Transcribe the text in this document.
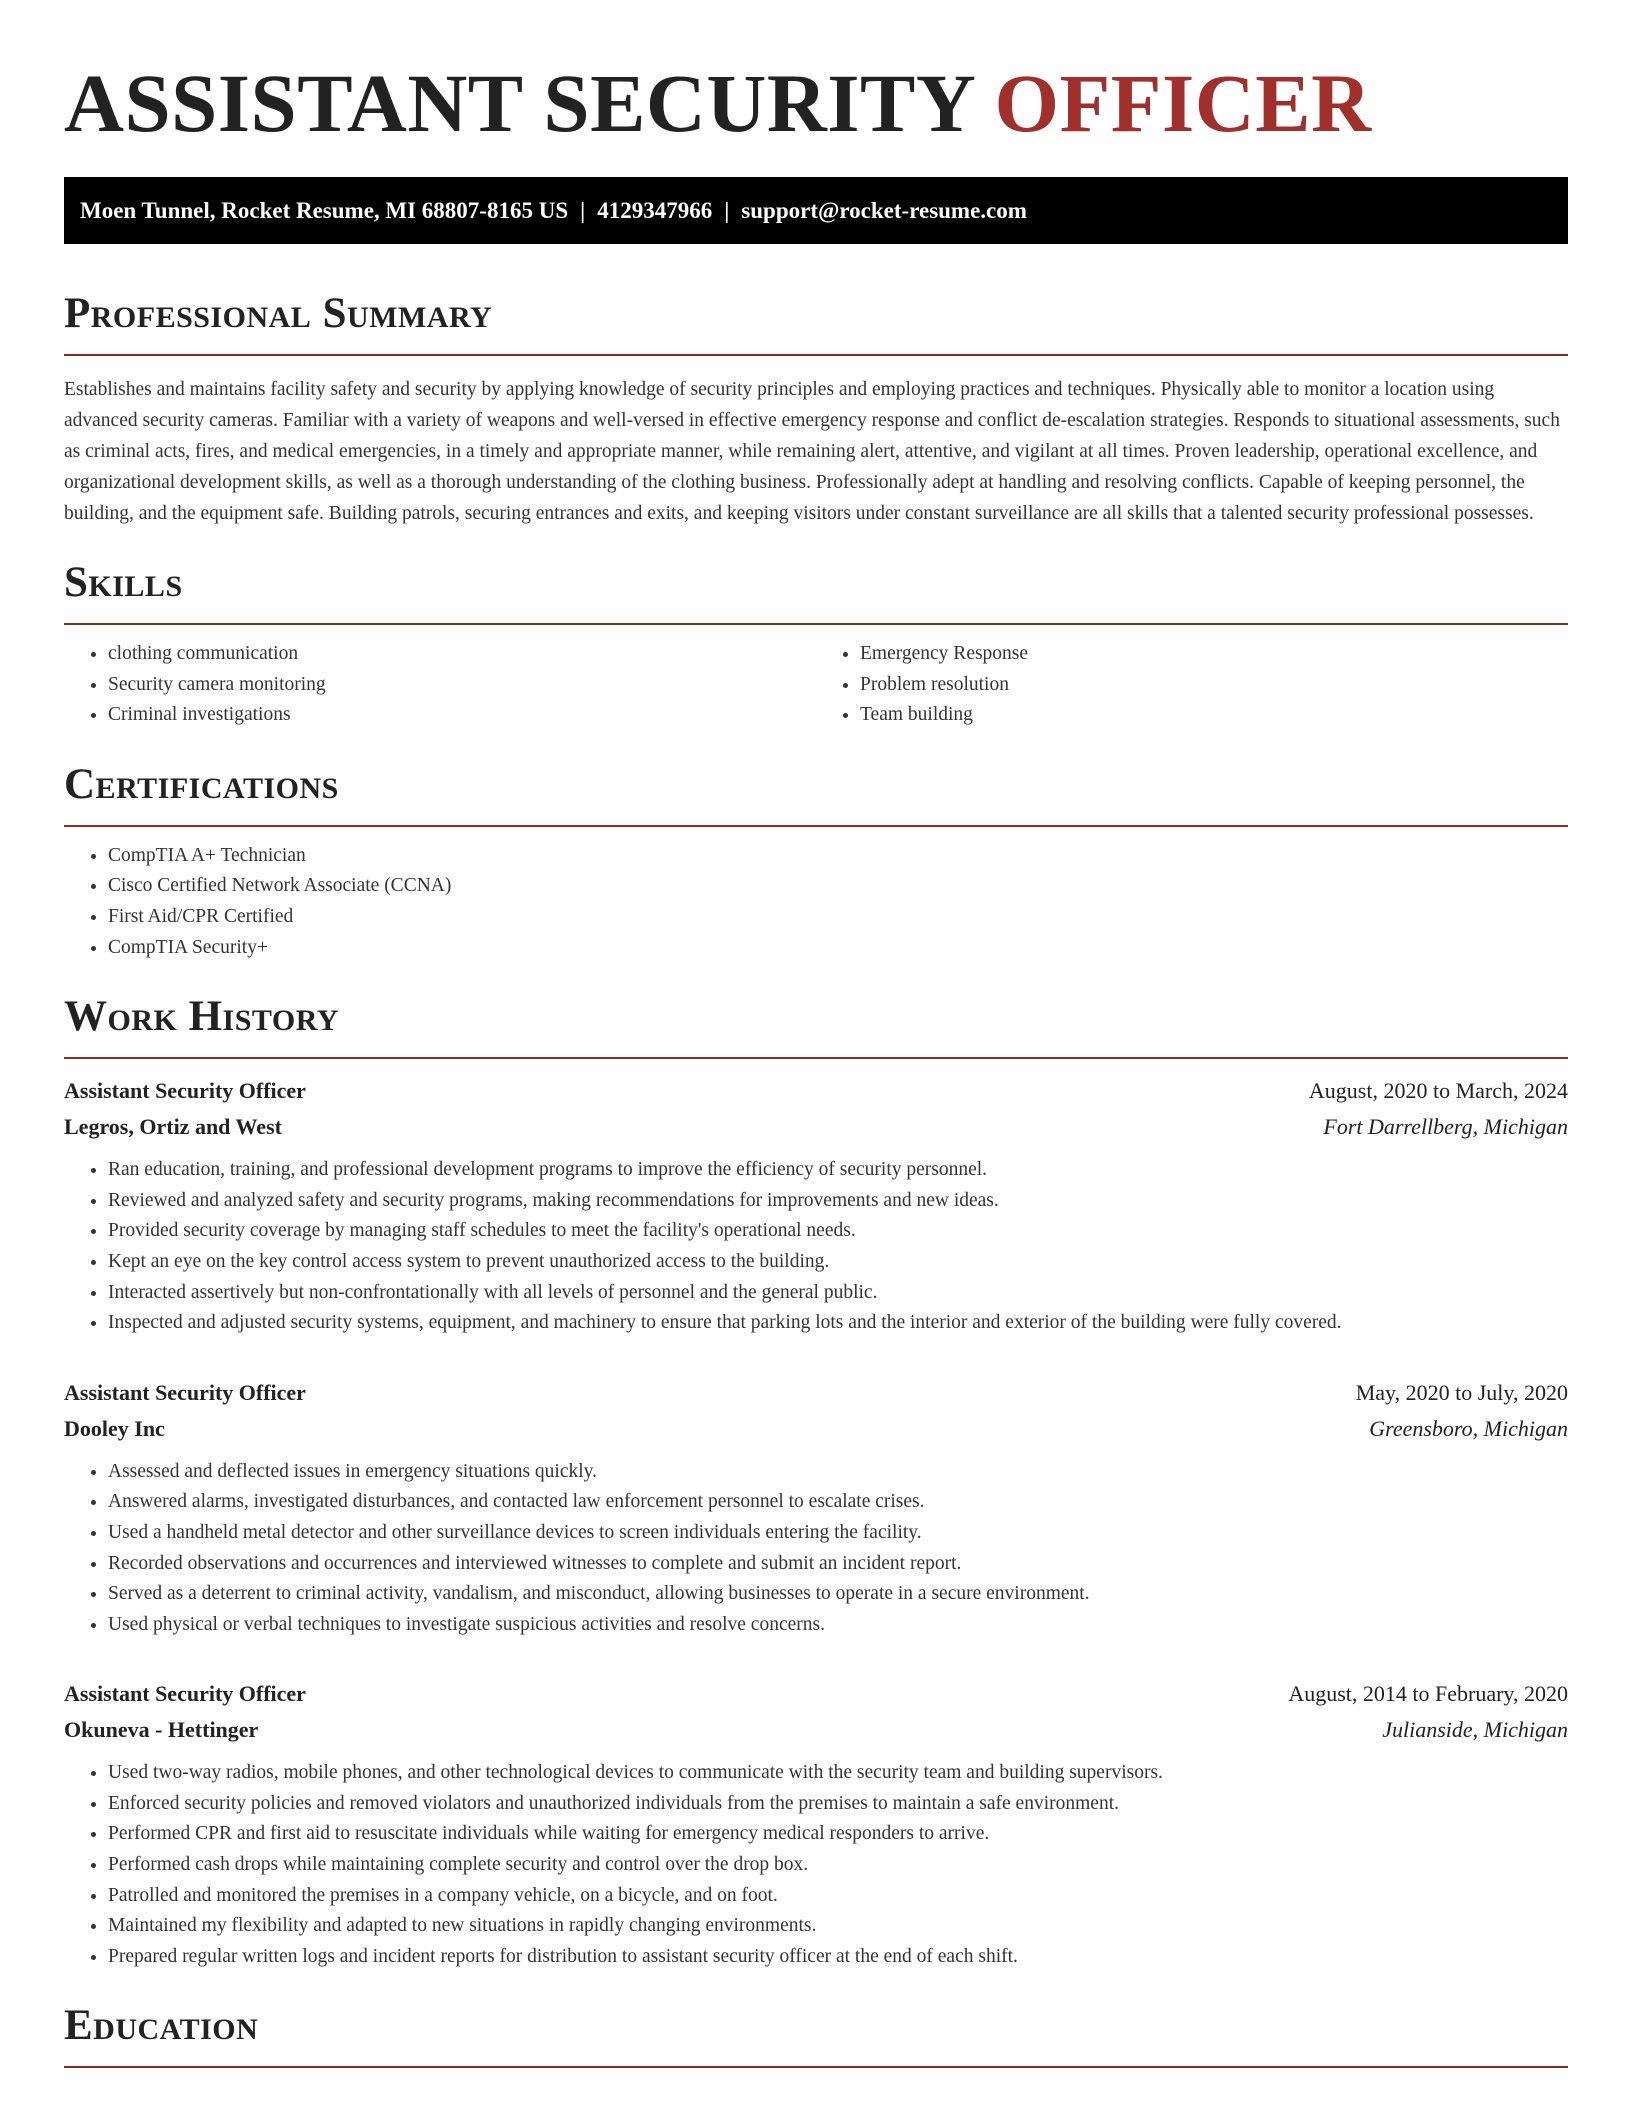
ASSISTANT SECURITY OFFICER
Moen Tunnel, Rocket Resume, MI 68807-8165 US | 4129347966 | support@rocket-resume.com
Professional Summary

Establishes and maintains facility safety and security by applying knowledge of security principles and employing practices and techniques. Physically able to monitor a location using advanced security cameras. Familiar with a variety of weapons and well-versed in effective emergency response and conflict de-escalation strategies. Responds to situational assessments, such as criminal acts, fires, and medical emergencies, in a timely and appropriate manner, while remaining alert, attentive, and vigilant at all times. Proven leadership, operational excellence, and organizational development skills, as well as a thorough understanding of the clothing business. Professionally adept at handling and resolving conflicts. Capable of keeping personnel, the building, and the equipment safe. Building patrols, securing entrances and exits, and keeping visitors under constant surveillance are all skills that a talented security professional possesses.

Skills
• clothing communication
• Security camera monitoring
• Criminal investigations
• Emergency Response
• Problem resolution
• Team building
Certifications
• CompTIA A+ Technician
• Cisco Certified Network Associate (CCNA)
• First Aid/CPR Certified
• CompTIA Security+
Work History
Assistant Security Officer	August, 2020 to March, 2024
Legros, Ortiz and West	Fort Darrellberg, Michigan
• Ran education, training, and professional development programs to improve the efficiency of security personnel.
• Reviewed and analyzed safety and security programs, making recommendations for improvements and new ideas.
• Provided security coverage by managing staff schedules to meet the facility's operational needs.
• Kept an eye on the key control access system to prevent unauthorized access to the building.
• Interacted assertively but non-confrontationally with all levels of personnel and the general public.
• Inspected and adjusted security systems, equipment, and machinery to ensure that parking lots and the interior and exterior of the building were fully covered.
Assistant Security Officer	May, 2020 to July, 2020
Dooley Inc	Greensboro, Michigan
• Assessed and deflected issues in emergency situations quickly.
• Answered alarms, investigated disturbances, and contacted law enforcement personnel to escalate crises.
• Used a handheld metal detector and other surveillance devices to screen individuals entering the facility.
• Recorded observations and occurrences and interviewed witnesses to complete and submit an incident report.
• Served as a deterrent to criminal activity, vandalism, and misconduct, allowing businesses to operate in a secure environment.
• Used physical or verbal techniques to investigate suspicious activities and resolve concerns.
Assistant Security Officer	August, 2014 to February, 2020
Okuneva - Hettinger	Julianside, Michigan
• Used two-way radios, mobile phones, and other technological devices to communicate with the security team and building supervisors.
• Enforced security policies and removed violators and unauthorized individuals from the premises to maintain a safe environment.
• Performed CPR and first aid to resuscitate individuals while waiting for emergency medical responders to arrive.
• Performed cash drops while maintaining complete security and control over the drop box.
• Patrolled and monitored the premises in a company vehicle, on a bicycle, and on foot.
• Maintained my flexibility and adapted to new situations in rapidly changing environments.
• Prepared regular written logs and incident reports for distribution to assistant security officer at the end of each shift.
Education
